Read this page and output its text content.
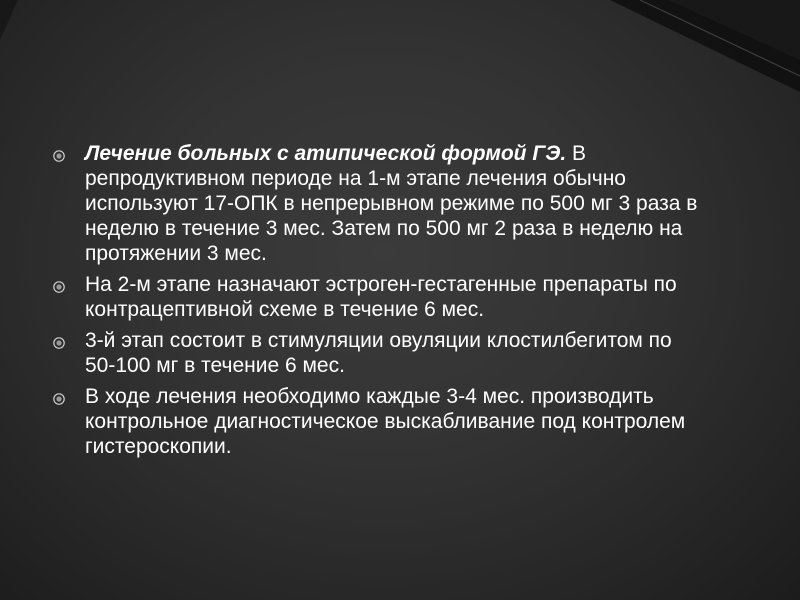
Лечение больных с атипической формой ГЭ. В репродуктивном периоде на 1-м этапе лечения обычно используют 17-ОПК в непрерывном режиме по 500 мг 3 раза в неделю в течение 3 мес. Затем по 500 мг 2 раза в неделю на протяжении 3 мес.
На 2-м этапе назначают эстроген-гестагенные препараты по контрацептивной схеме в течение 6 мес.
3-й этап состоит в стимуляции овуляции клостилбегитом по 50-100 мг в течение 6 мес.
В ходе лечения необходимо каждые 3-4 мес. производить контрольное диагностическое выскабливание под контролем гистероскопии.
